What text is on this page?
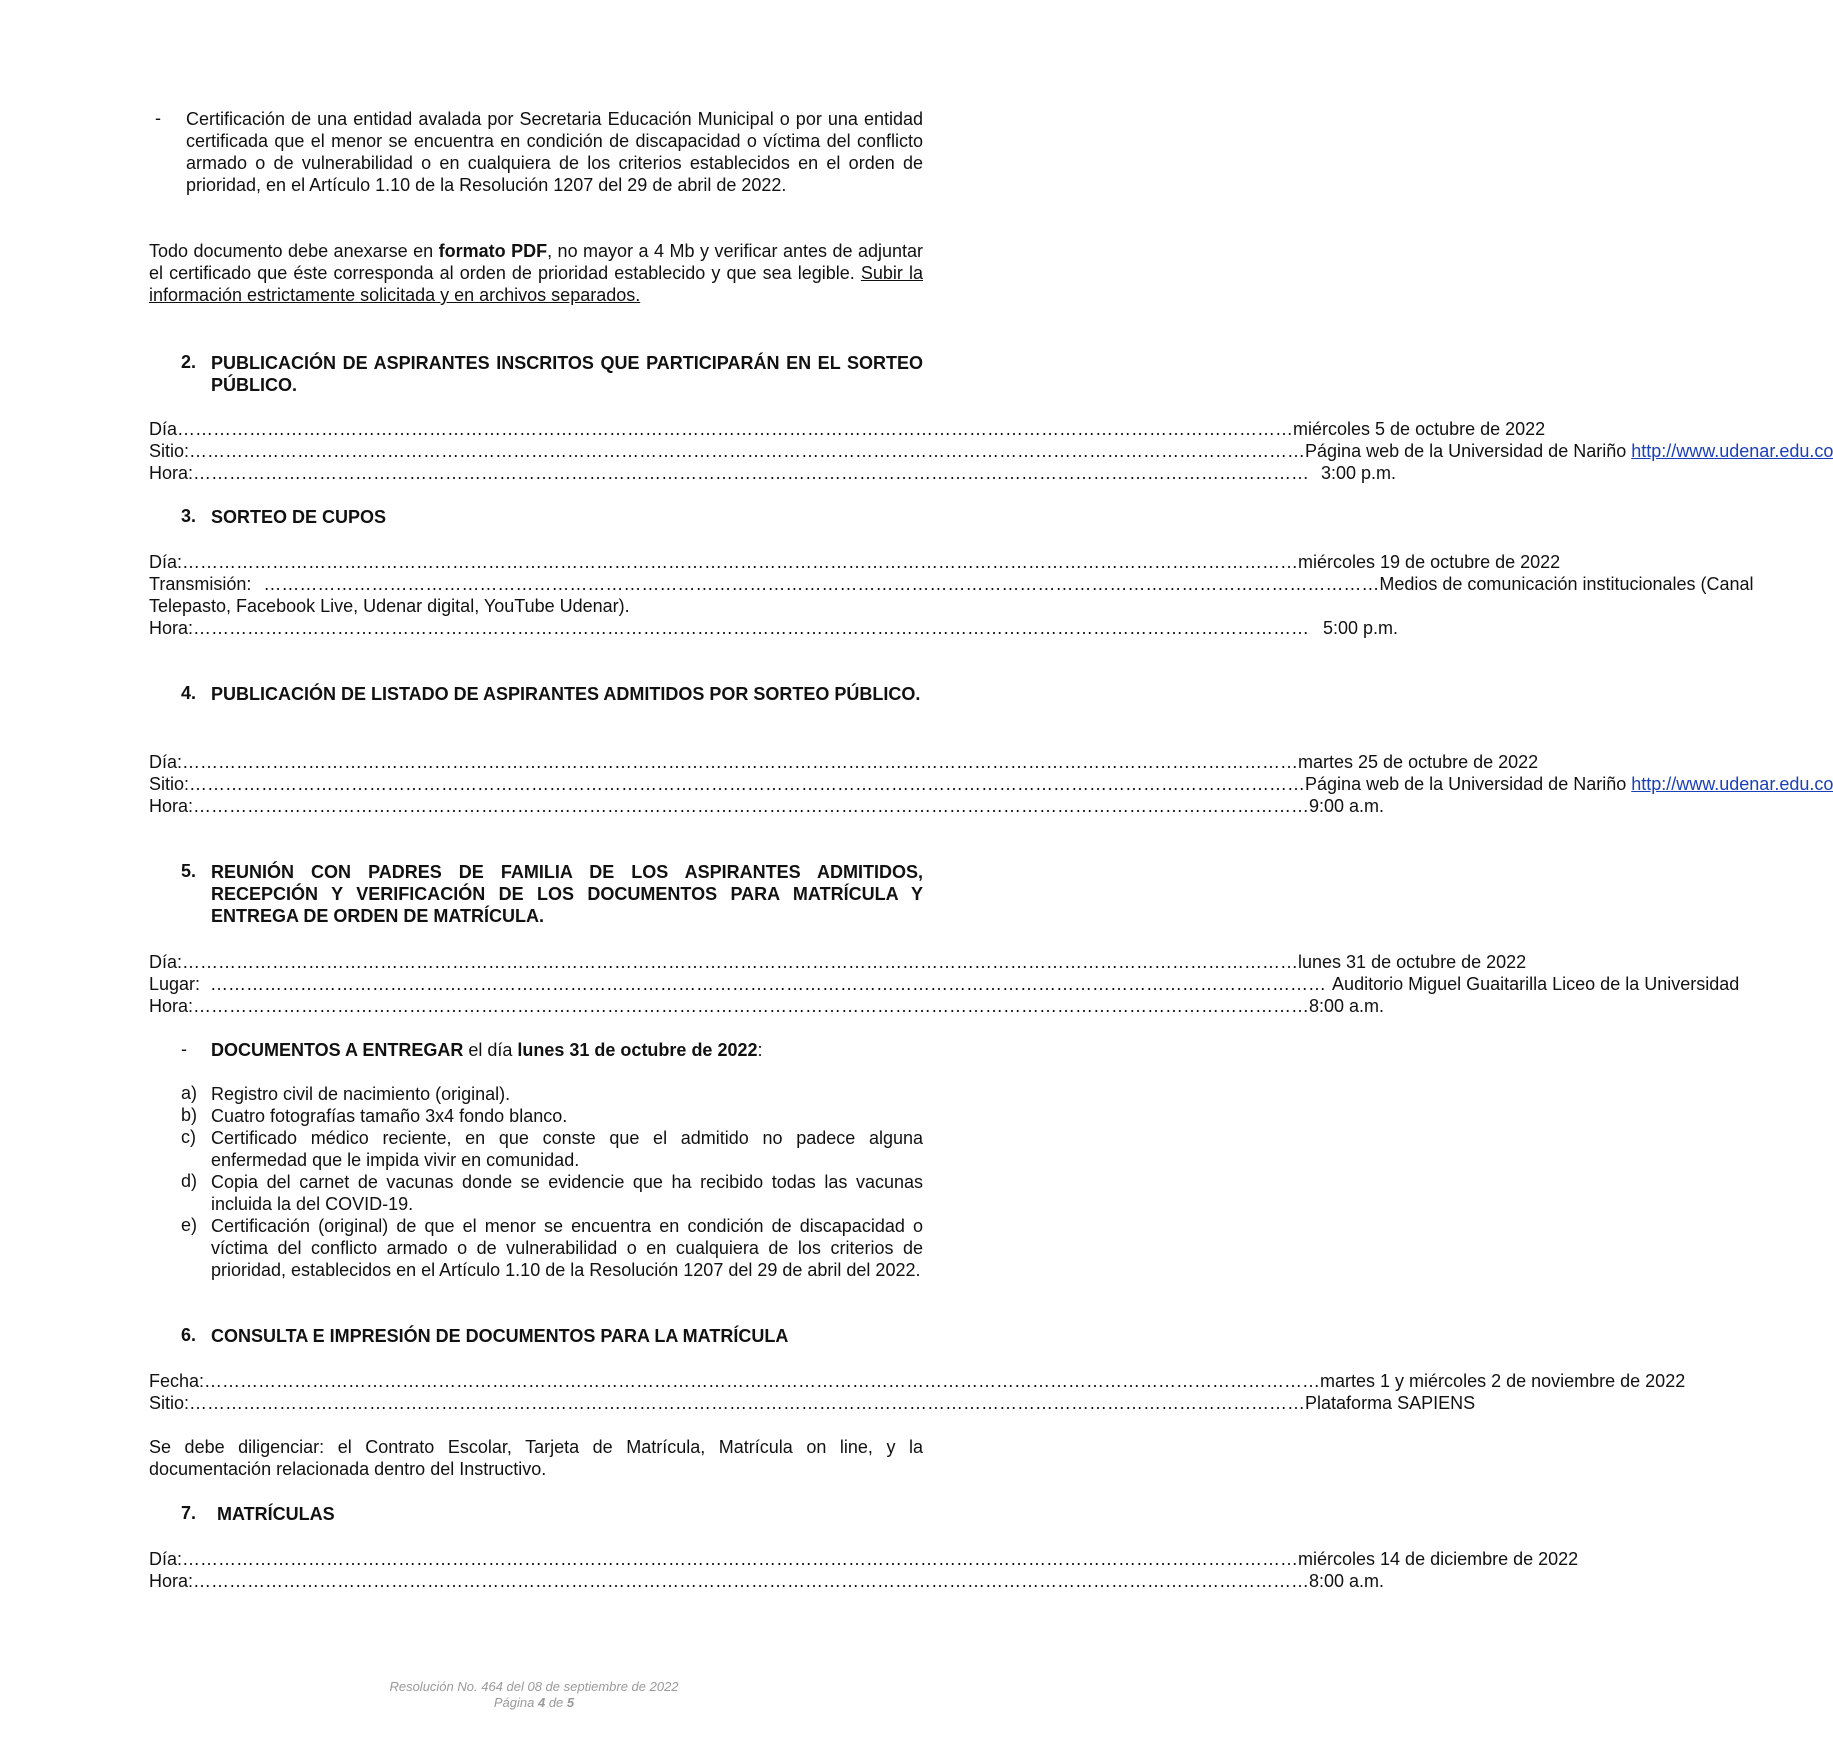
-	Certificación de una entidad avalada por Secretaria Educación Municipal o por una entidad certificada que el menor se encuentra en condición de discapacidad o víctima del conflicto armado o de vulnerabilidad o en cualquiera de los criterios establecidos en el orden de prioridad, en el Artículo 1.10 de la Resolución 1207 del 29 de abril de 2022.
Todo documento debe anexarse en formato PDF, no mayor a 4 Mb y verificar antes de adjuntar el certificado que éste corresponda al orden de prioridad establecido y que sea legible. Subir la información estrictamente solicitada y en archivos separados.
2. PUBLICACIÓN DE ASPIRANTES INSCRITOS QUE PARTICIPARÁN EN EL SORTEO PÚBLICO.
Día …………………………………………………………………………………………………………………………………………………………………… miércoles 5 de octubre de 2022
Sitio: …………………………………………………………………………………………………………………………………………………………………… Página web de la Universidad de Nariño http://www.udenar.edu.co
Hora: …………………………………………………………………………………………………………………………………………………………………… 3:00 p.m.
3. SORTEO DE CUPOS
Día: …………………………………………………………………………………………………………………………………………………………………… miércoles 19 de octubre de 2022
Transmisión: …………………………………………………………………………………………………………………………………………………………………… Medios de comunicación institucionales (Canal
Telepasto, Facebook Live, Udenar digital, YouTube Udenar).
Hora: …………………………………………………………………………………………………………………………………………………………………… 5:00 p.m.
4. PUBLICACIÓN DE LISTADO DE ASPIRANTES ADMITIDOS POR SORTEO PÚBLICO.
Día: …………………………………………………………………………………………………………………………………………………………………… martes 25 de octubre de 2022
Sitio: …………………………………………………………………………………………………………………………………………………………………… Página web de la Universidad de Nariño http://www.udenar.edu.co
Hora: …………………………………………………………………………………………………………………………………………………………………… 9:00 a.m.
5. REUNIÓN CON PADRES DE FAMILIA DE LOS ASPIRANTES ADMITIDOS, RECEPCIÓN Y VERIFICACIÓN DE LOS DOCUMENTOS PARA MATRÍCULA Y ENTREGA DE ORDEN DE MATRÍCULA.
Día: …………………………………………………………………………………………………………………………………………………………………… lunes 31 de octubre de 2022
Lugar: …………………………………………………………………………………………………………………………………………………………………… Auditorio Miguel Guaitarilla Liceo de la Universidad
Hora: …………………………………………………………………………………………………………………………………………………………………… 8:00 a.m.
-	DOCUMENTOS A ENTREGAR el día lunes 31 de octubre de 2022:
a) Registro civil de nacimiento (original).
b) Cuatro fotografías tamaño 3x4 fondo blanco.
c) Certificado médico reciente, en que conste que el admitido no padece alguna enfermedad que le impida vivir en comunidad.
d) Copia del carnet de vacunas donde se evidencie que ha recibido todas las vacunas incluida la del COVID-19.
e) Certificación (original) de que el menor se encuentra en condición de discapacidad o víctima del conflicto armado o de vulnerabilidad o en cualquiera de los criterios de prioridad, establecidos en el Artículo 1.10 de la Resolución 1207 del 29 de abril del 2022.
6. CONSULTA E IMPRESIÓN DE DOCUMENTOS PARA LA MATRÍCULA
Fecha: …………………………………………………………………………………………………………………………………………………………………… martes 1 y miércoles 2 de noviembre de 2022
Sitio: …………………………………………………………………………………………………………………………………………………………………… Plataforma SAPIENS
Se debe diligenciar: el Contrato Escolar, Tarjeta de Matrícula, Matrícula on line, y la documentación relacionada dentro del Instructivo.
7.	MATRÍCULAS
Día: …………………………………………………………………………………………………………………………………………………………………… miércoles 14 de diciembre de 2022
Hora: …………………………………………………………………………………………………………………………………………………………………… 8:00 a.m.
Resolución No. 464 del 08 de septiembre de 2022
Página 4 de 5
